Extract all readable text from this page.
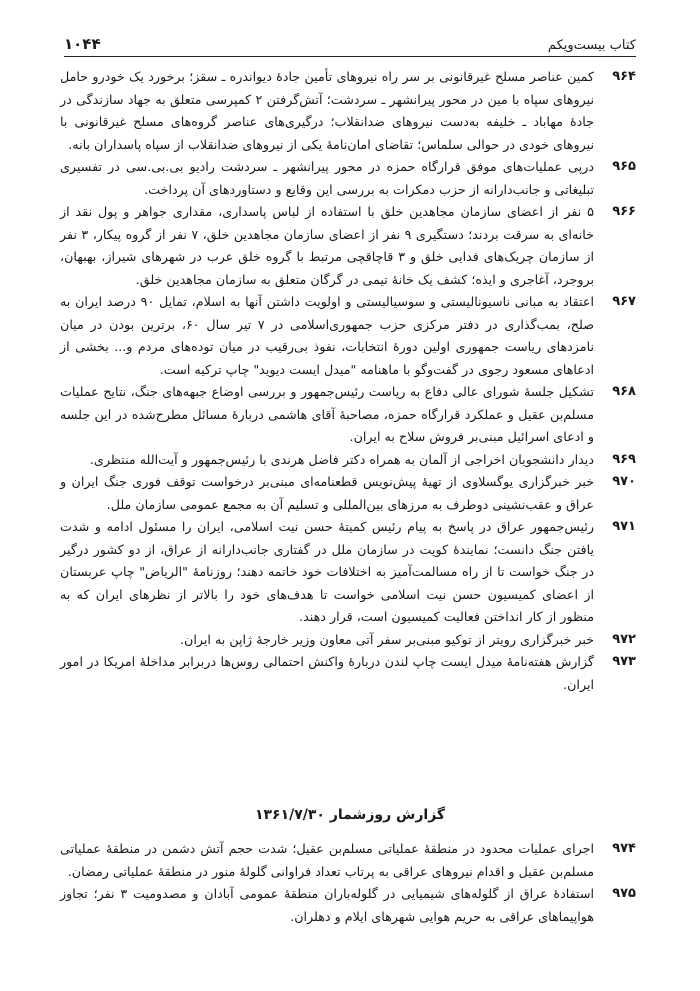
۱۰۴۴	کتاب بیست‌ویکم
۹۶۴
کمین عناصر مسلح غیرقانونی بر سر راه نیروهای تأمین جادهٔ دیواندره ـ سقز؛ برخورد یک خودرو حامل نیروهای سپاه با مین در محور پیرانشهر ـ سردشت؛ آتش‌گرفتن ۲ کمپرسی متعلق به جهاد سازندگی در جادهٔ مهاباد ـ خلیفه به‌دست نیروهای ضدانقلاب؛ درگیری‌های عناصر گروه‌های مسلح غیرقانونی با نیروهای خودی در حوالی سلماس؛ تقاضای امان‌نامهٔ یکی از نیروهای ضدانقلاب از سپاه پاسداران بانه.
۹۶۵
درپی عملیات‌های موفق قرارگاه حمزه در محور پیرانشهر ـ سردشت رادیو بی.بی.سی در تفسیری تبلیغاتی و جانب‌دارانه از حزب دمکرات به بررسی این وقایع و دستاوردهای آن پرداخت.
۹۶۶
۵ نفر از اعضای سازمان مجاهدین خلق با استفاده از لباس پاسداری، مقداری جواهر و پول نقد از خانه‌ای به سرقت بردند؛ دستگیری ۹ نفر از اعضای سازمان مجاهدین خلق، ۷ نفر از گروه پیکار، ۳ نفر از سازمان چریک‌های فدایی خلق و ۳ قاچاقچی مرتبط با گروه خلق عرب در شهرهای شیراز، بهبهان، بروجرد، آغاجری و ایذه؛ کشف یک خانهٔ تیمی در گرگان متعلق به سازمان مجاهدین خلق.
۹۶۷
اعتقاد به مبانی ناسیونالیستی و سوسیالیستی و اولویت داشتن آنها به اسلام، تمایل ۹۰ درصد ایران به صلح، بمب‌گذاری در دفتر مرکزی حزب جمهوری‌اسلامی در ۷ تیر سال ۶۰، برترین بودن در میان نامزدهای ریاست جمهوری اولین دورهٔ انتخابات، نفوذ بی‌رقیب در میان توده‌های مردم و... بخشی از ادعاهای مسعود رجوی در گفت‌وگو با ماهنامه "میدل ایست دیوید" چاپ ترکیه است.
۹۶۸
تشکیل جلسهٔ شورای عالی دفاع به ریاست رئیس‌جمهور و بررسی اوضاع جبهه‌های جنگ، نتایج عملیات مسلم‌بن عقیل و عملکرد قرارگاه حمزه، مصاحبهٔ آقای هاشمی دربارهٔ مسائل مطرح‌شده در این جلسه و ادعای اسرائیل مبنی‌بر فروش سلاح به ایران.
۹۶۹
دیدار دانشجویان اخراجی از آلمان به همراه دکتر فاضل هرندی با رئیس‌جمهور و آیت‌الله منتظری.
۹۷۰
خبر خبرگزاری یوگسلاوی از تهیهٔ پیش‌نویس قطعنامه‌ای مبنی‌بر درخواست توقف فوری جنگ ایران و عراق و عقب‌نشینی دوطرف به مرزهای بین‌المللی و تسلیم آن به مجمع عمومی سازمان ملل.
۹۷۱
رئیس‌جمهور عراق در پاسخ به پیام رئیس کمیتهٔ حسن نیت اسلامی، ایران را مسئول ادامه و شدت یافتن جنگ دانست؛ نمایندهٔ کویت در سازمان ملل در گفتاری جانب‌دارانه از عراق، از دو کشور درگیر در جنگ خواست تا از راه مسالمت‌آمیز به اختلافات خود خاتمه دهند؛ روزنامهٔ "الریاض" چاپ عربستان از اعضای کمیسیون حسن نیت اسلامی خواست تا هدف‌های خود را بالاتر از نظرهای ایران که به منظور از کار انداختن فعالیت کمیسیون است، قرار دهند.
۹۷۲
خبر خبرگزاری رویتر از توکیو مبنی‌بر سفر آتی معاون وزیر خارجهٔ ژاپن به ایران.
۹۷۳
گزارش هفته‌نامهٔ میدل ایست چاپ لندن دربارهٔ واکنش احتمالی روس‌ها دربرابر مداخلهٔ امریکا در امور ایران.
گزارش روزشمار ۱۳۶۱/۷/۳۰
۹۷۴
اجرای عملیات محدود در منطقهٔ عملیاتی مسلم‌بن عقیل؛ شدت حجم آتش دشمن در منطقهٔ عملیاتی مسلم‌بن عقیل و اقدام نیروهای عراقی به پرتاب تعداد فراوانی گلولهٔ منور در منطقهٔ عملیاتی رمضان.
۹۷۵
استفادهٔ عراق از گلوله‌های شیمیایی در گلوله‌باران منطقهٔ عمومی آبادان و مصدومیت ۳ نفر؛ تجاوز هواپیماهای عراقی به حریم هوایی شهرهای ایلام و دهلران.
